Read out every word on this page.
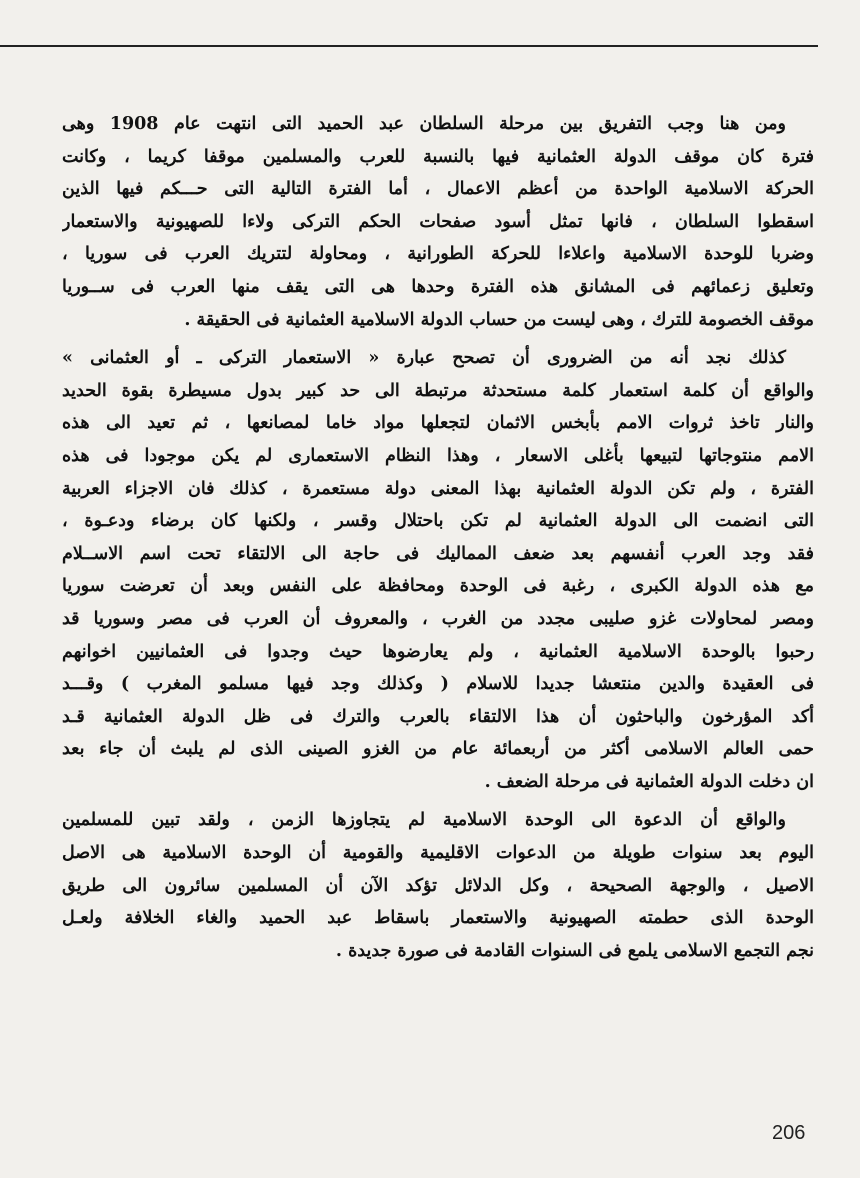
ومن هنا وجب التفريق بين مرحلة السلطان عبد الحميد التى انتهت عام 1908 وهى
فترة كان موقف الدولة العثمانية فيها بالنسبة للعرب والمسلمين موقفا كريما ، وكانت
الحركة الاسلامية الواحدة من أعظم الاعمال ، أما الفترة التالية التى حـــكم فيها الذين
اسقطوا السلطان ، فانها تمثل أسود صفحات الحكم التركى ولاءا للصهيونية والاستعمار
وضربا للوحدة الاسلامية واعلاءا للحركة الطورانية ، ومحاولة لتتريك العرب فى سوريا ،
وتعليق زعمائهم فى المشانق هذه الفترة وحدها هى التى يقف منها العرب فى ســوريا
موقف الخصومة للترك ، وهى ليست من حساب الدولة الاسلامية العثمانية فى الحقيقة .
كذلك نجد أنه من الضرورى أن تصحح عبارة « الاستعمار التركى ـ أو العثمانى »
والواقع أن كلمة استعمار كلمة مستحدثة مرتبطة الى حد كبير بدول مسيطرة بقوة الحديد
والنار تاخذ ثروات الامم بأبخس الاثمان لتجعلها مواد خاما لمصانعها ، ثم تعيد الى هذه
الامم منتوجاتها لتبيعها بأغلى الاسعار ، وهذا النظام الاستعمارى لم يكن موجودا فى هذه
الفترة ، ولم تكن الدولة العثمانية بهذا المعنى دولة مستعمرة ، كذلك فان الاجزاء العربية
التى انضمت الى الدولة العثمانية لم تكن باحتلال وقسر ، ولكنها كان برضاء ودعـوة ،
فقد وجد العرب أنفسهم بعد ضعف المماليك فى حاجة الى الالتقاء تحت اسم الاســلام
مع هذه الدولة الكبرى ، رغبة فى الوحدة ومحافظة على النفس وبعد أن تعرضت سوريا
ومصر لمحاولات غزو صليبى مجدد من الغرب ، والمعروف أن العرب فى مصر وسوريا قد
رحبوا بالوحدة الاسلامية العثمانية ، ولم يعارضوها حيث وجدوا فى العثمانيين اخوانهم
فى العقيدة والدين منتعشا جديدا للاسلام ( وكذلك وجد فيها مسلمو المغرب ) وقـــد
أكد المؤرخون والباحثون أن هذا الالتقاء بالعرب والترك فى ظل الدولة العثمانية قـد
حمى العالم الاسلامى أكثر من أربعمائة عام من الغزو الصينى الذى لم يلبث أن جاء بعد
ان دخلت الدولة العثمانية فى مرحلة الضعف .
والواقع أن الدعوة الى الوحدة الاسلامية لم يتجاوزها الزمن ، ولقد تبين للمسلمين
اليوم بعد سنوات طويلة من الدعوات الاقليمية والقومية أن الوحدة الاسلامية هى الاصل
الاصيل ، والوجهة الصحيحة ، وكل الدلائل تؤكد الآن أن المسلمين سائرون الى طريق
الوحدة الذى حطمته الصهيونية والاستعمار باسقاط عبد الحميد والغاء الخلافة ولعـل
نجم التجمع الاسلامى يلمع فى السنوات القادمة فى صورة جديدة .
206
